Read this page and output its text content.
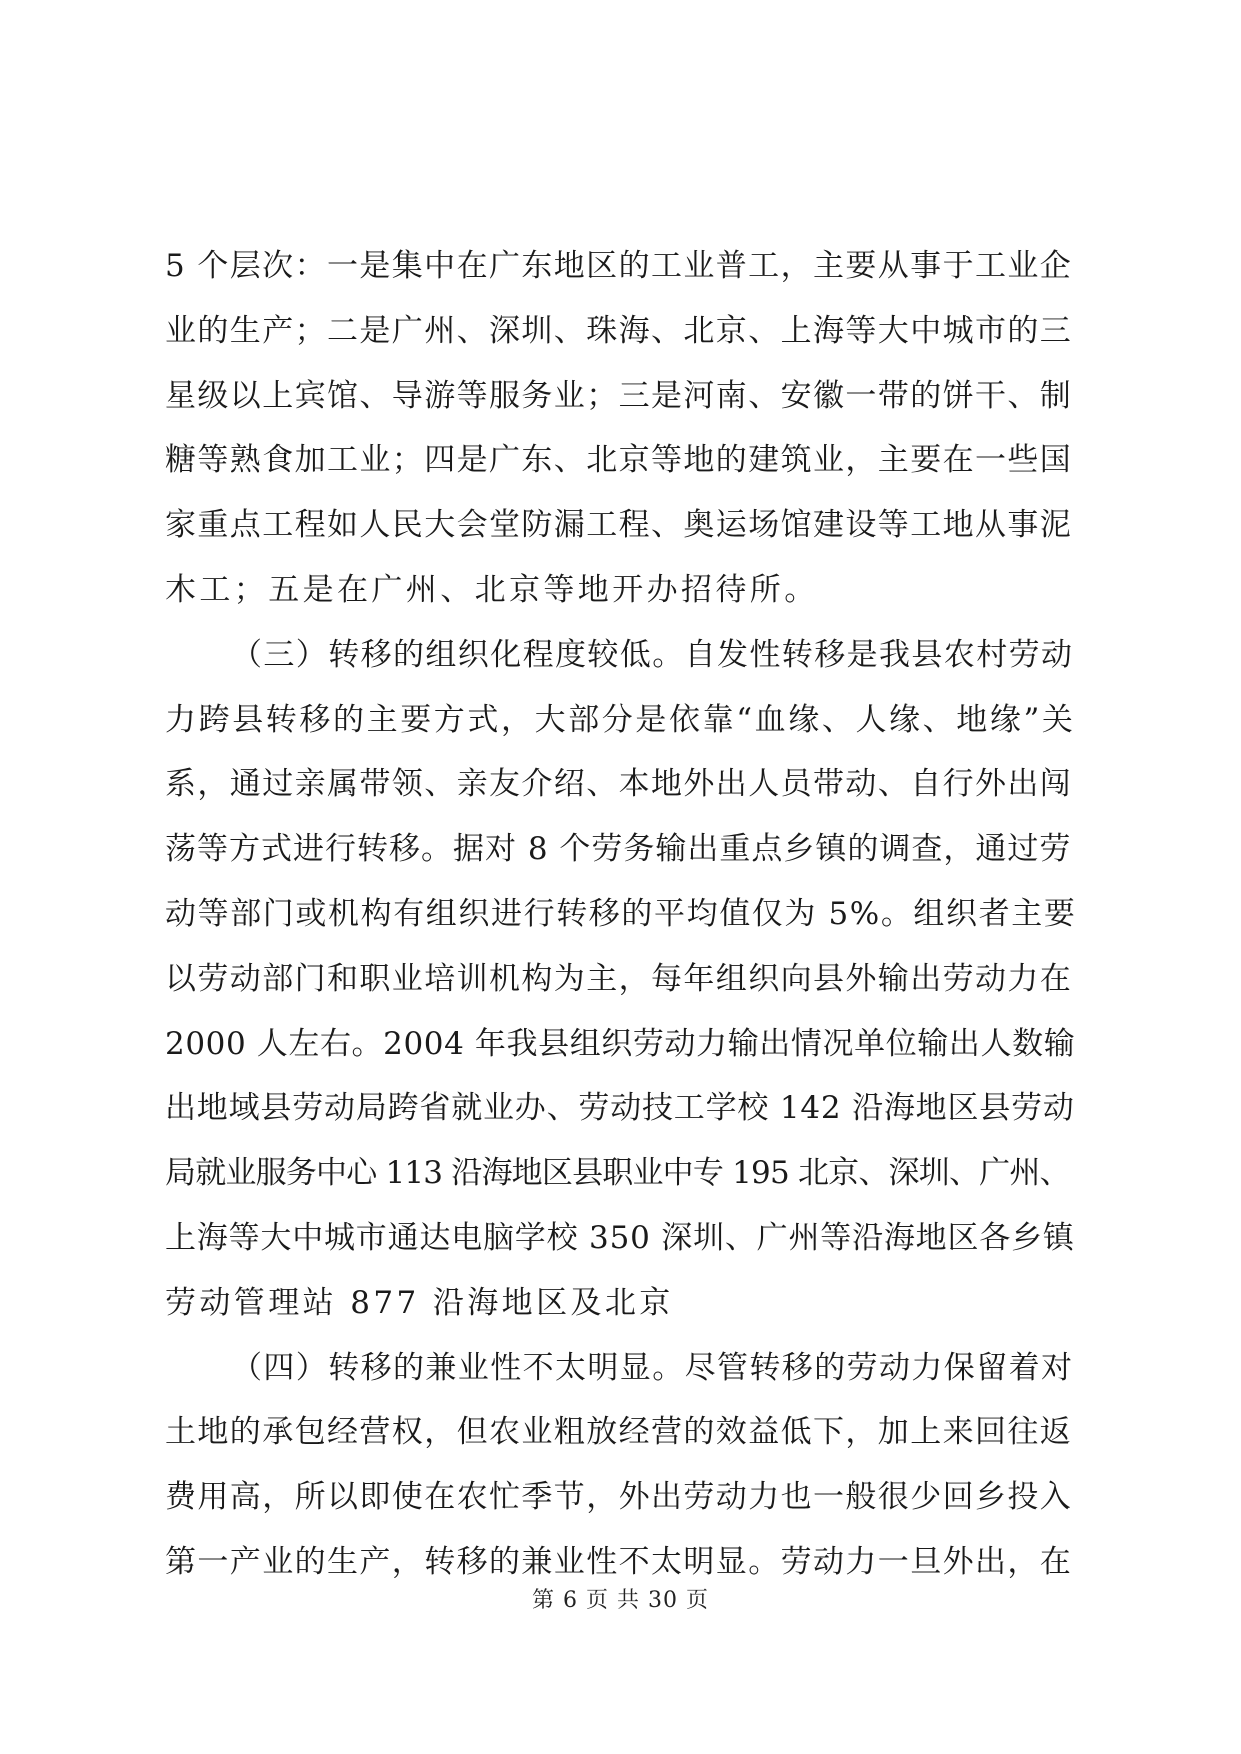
5 个层次：一是集中在广东地区的工业普工，主要从事于工业企
业的生产；二是广州、深圳、珠海、北京、上海等大中城市的三
星级以上宾馆、导游等服务业；三是河南、安徽一带的饼干、制
糖等熟食加工业；四是广东、北京等地的建筑业，主要在一些国
家重点工程如人民大会堂防漏工程、奥运场馆建设等工地从事泥
木工；五是在广州、北京等地开办招待所。
（三）转移的组织化程度较低。自发性转移是我县农村劳动
力跨县转移的主要方式，大部分是依靠“血缘、人缘、地缘”关
系，通过亲属带领、亲友介绍、本地外出人员带动、自行外出闯
荡等方式进行转移。据对 8 个劳务输出重点乡镇的调查，通过劳
动等部门或机构有组织进行转移的平均值仅为 5%。组织者主要
以劳动部门和职业培训机构为主，每年组织向县外输出劳动力在
2000 人左右。2004 年我县组织劳动力输出情况单位输出人数输
出地域县劳动局跨省就业办、劳动技工学校 142 沿海地区县劳动
局就业服务中心 113 沿海地区县职业中专 195 北京、深圳、广州、
上海等大中城市通达电脑学校 350 深圳、广州等沿海地区各乡镇
劳动管理站 877 沿海地区及北京
（四）转移的兼业性不太明显。尽管转移的劳动力保留着对
土地的承包经营权，但农业粗放经营的效益低下，加上来回往返
费用高，所以即使在农忙季节，外出劳动力也一般很少回乡投入
第一产业的生产，转移的兼业性不太明显。劳动力一旦外出，在
第 6 页 共 30 页
